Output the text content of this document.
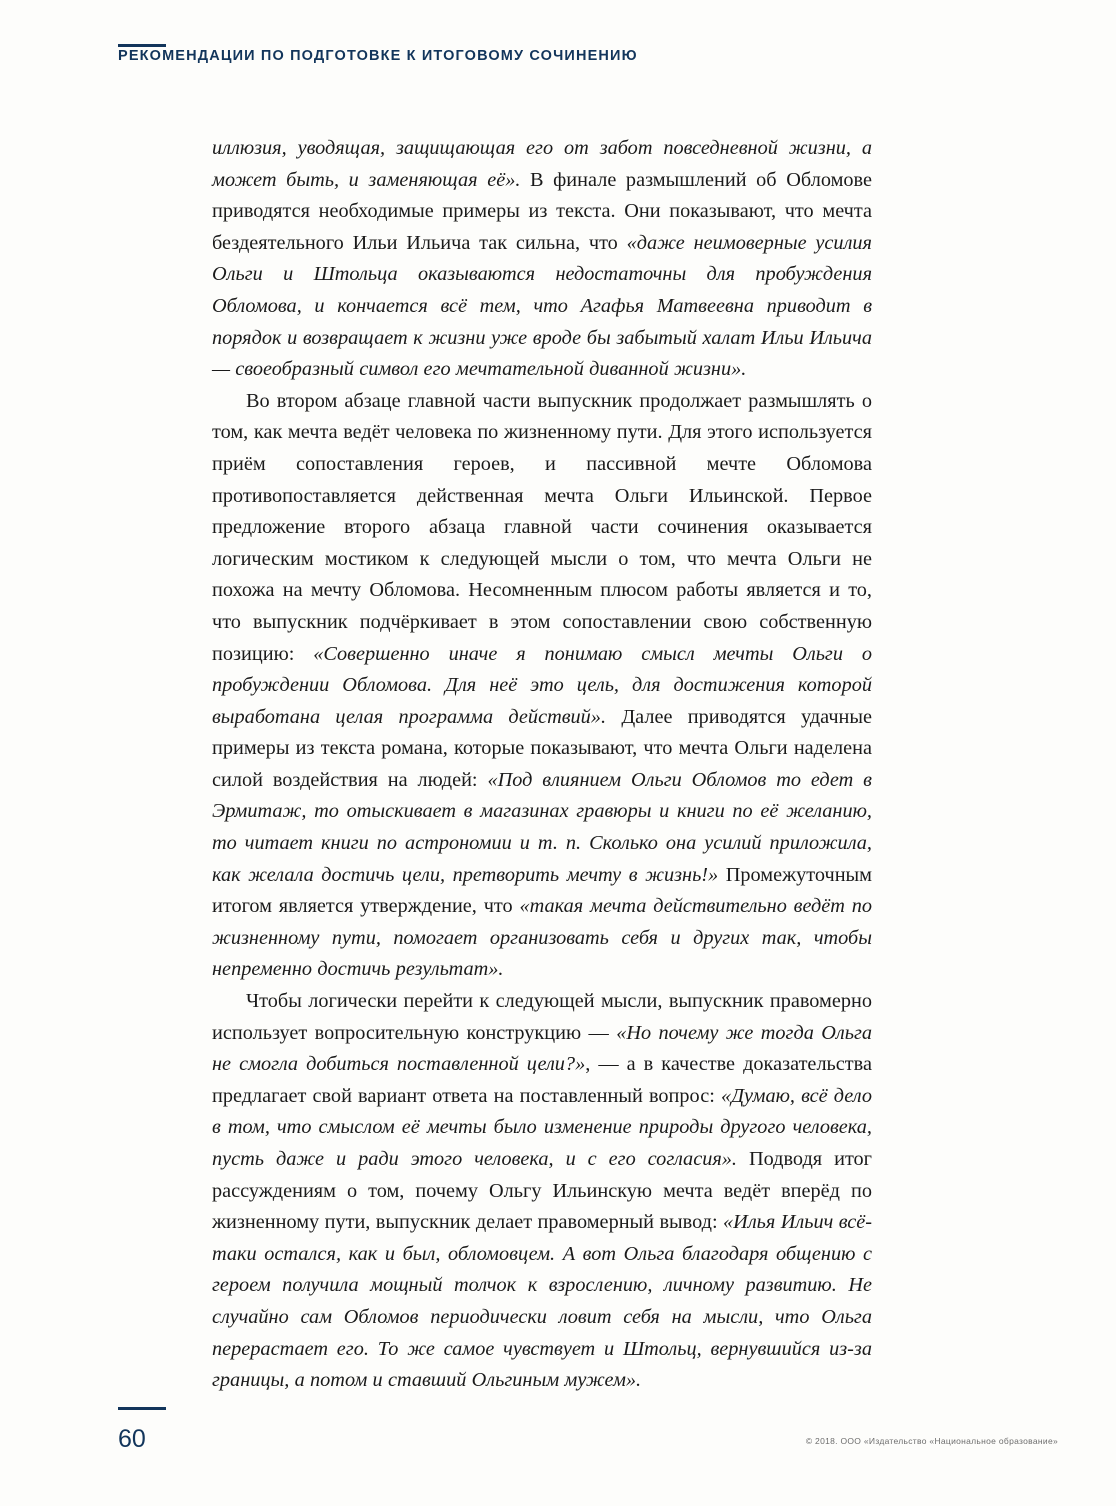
РЕКОМЕНДАЦИИ ПО ПОДГОТОВКЕ К ИТОГОВОМУ СОЧИНЕНИЮ

иллюзия, уводящая, защищающая его от забот повседневной жизни, а может быть, и заменяющая её». В финале размышлений об Обломове приводятся необходимые примеры из текста. Они показывают, что мечта бездеятельного Ильи Ильича так сильна, что «даже неимоверные усилия Ольги и Штольца оказываются недостаточны для пробуждения Обломова, и кончается всё тем, что Агафья Матвеевна приводит в порядок и возвращает к жизни уже вроде бы забытый халат Ильи Ильича — своеобразный символ его мечтательной диванной жизни».

Во втором абзаце главной части выпускник продолжает размышлять о том, как мечта ведёт человека по жизненному пути. Для этого используется приём сопоставления героев, и пассивной мечте Обломова противопоставляется действенная мечта Ольги Ильинской. Первое предложение второго абзаца главной части сочинения оказывается логическим мостиком к следующей мысли о том, что мечта Ольги не похожа на мечту Обломова. Несомненным плюсом работы является и то, что выпускник подчёркивает в этом сопоставлении свою собственную позицию: «Совершенно иначе я понимаю смысл мечты Ольги о пробуждении Обломова. Для неё это цель, для достижения которой выработана целая программа действий». Далее приводятся удачные примеры из текста романа, которые показывают, что мечта Ольги наделена силой воздействия на людей: «Под влиянием Ольги Обломов то едет в Эрмитаж, то отыскивает в магазинах гравюры и книги по её желанию, то читает книги по астрономии и т. п. Сколько она усилий приложила, как желала достичь цели, претворить мечту в жизнь!» Промежуточным итогом является утверждение, что «такая мечта действительно ведёт по жизненному пути, помогает организовать себя и других так, чтобы непременно достичь результат».

Чтобы логически перейти к следующей мысли, выпускник правомерно использует вопросительную конструкцию — «Но почему же тогда Ольга не смогла добиться поставленной цели?», — а в качестве доказательства предлагает свой вариант ответа на поставленный вопрос: «Думаю, всё дело в том, что смыслом её мечты было изменение природы другого человека, пусть даже и ради этого человека, и с его согласия». Подводя итог рассуждениям о том, почему Ольгу Ильинскую мечта ведёт вперёд по жизненному пути, выпускник делает правомерный вывод: «Илья Ильич всё-таки остался, как и был, обломовцем. А вот Ольга благодаря общению с героем получила мощный толчок к взрослению, личному развитию. Не случайно сам Обломов периодически ловит себя на мысли, что Ольга перерастает его. То же самое чувствует и Штольц, вернувшийся из-за границы, а потом и ставший Ольгиным мужем».

60	© 2018. ООО «Издательство «Национальное образование»
